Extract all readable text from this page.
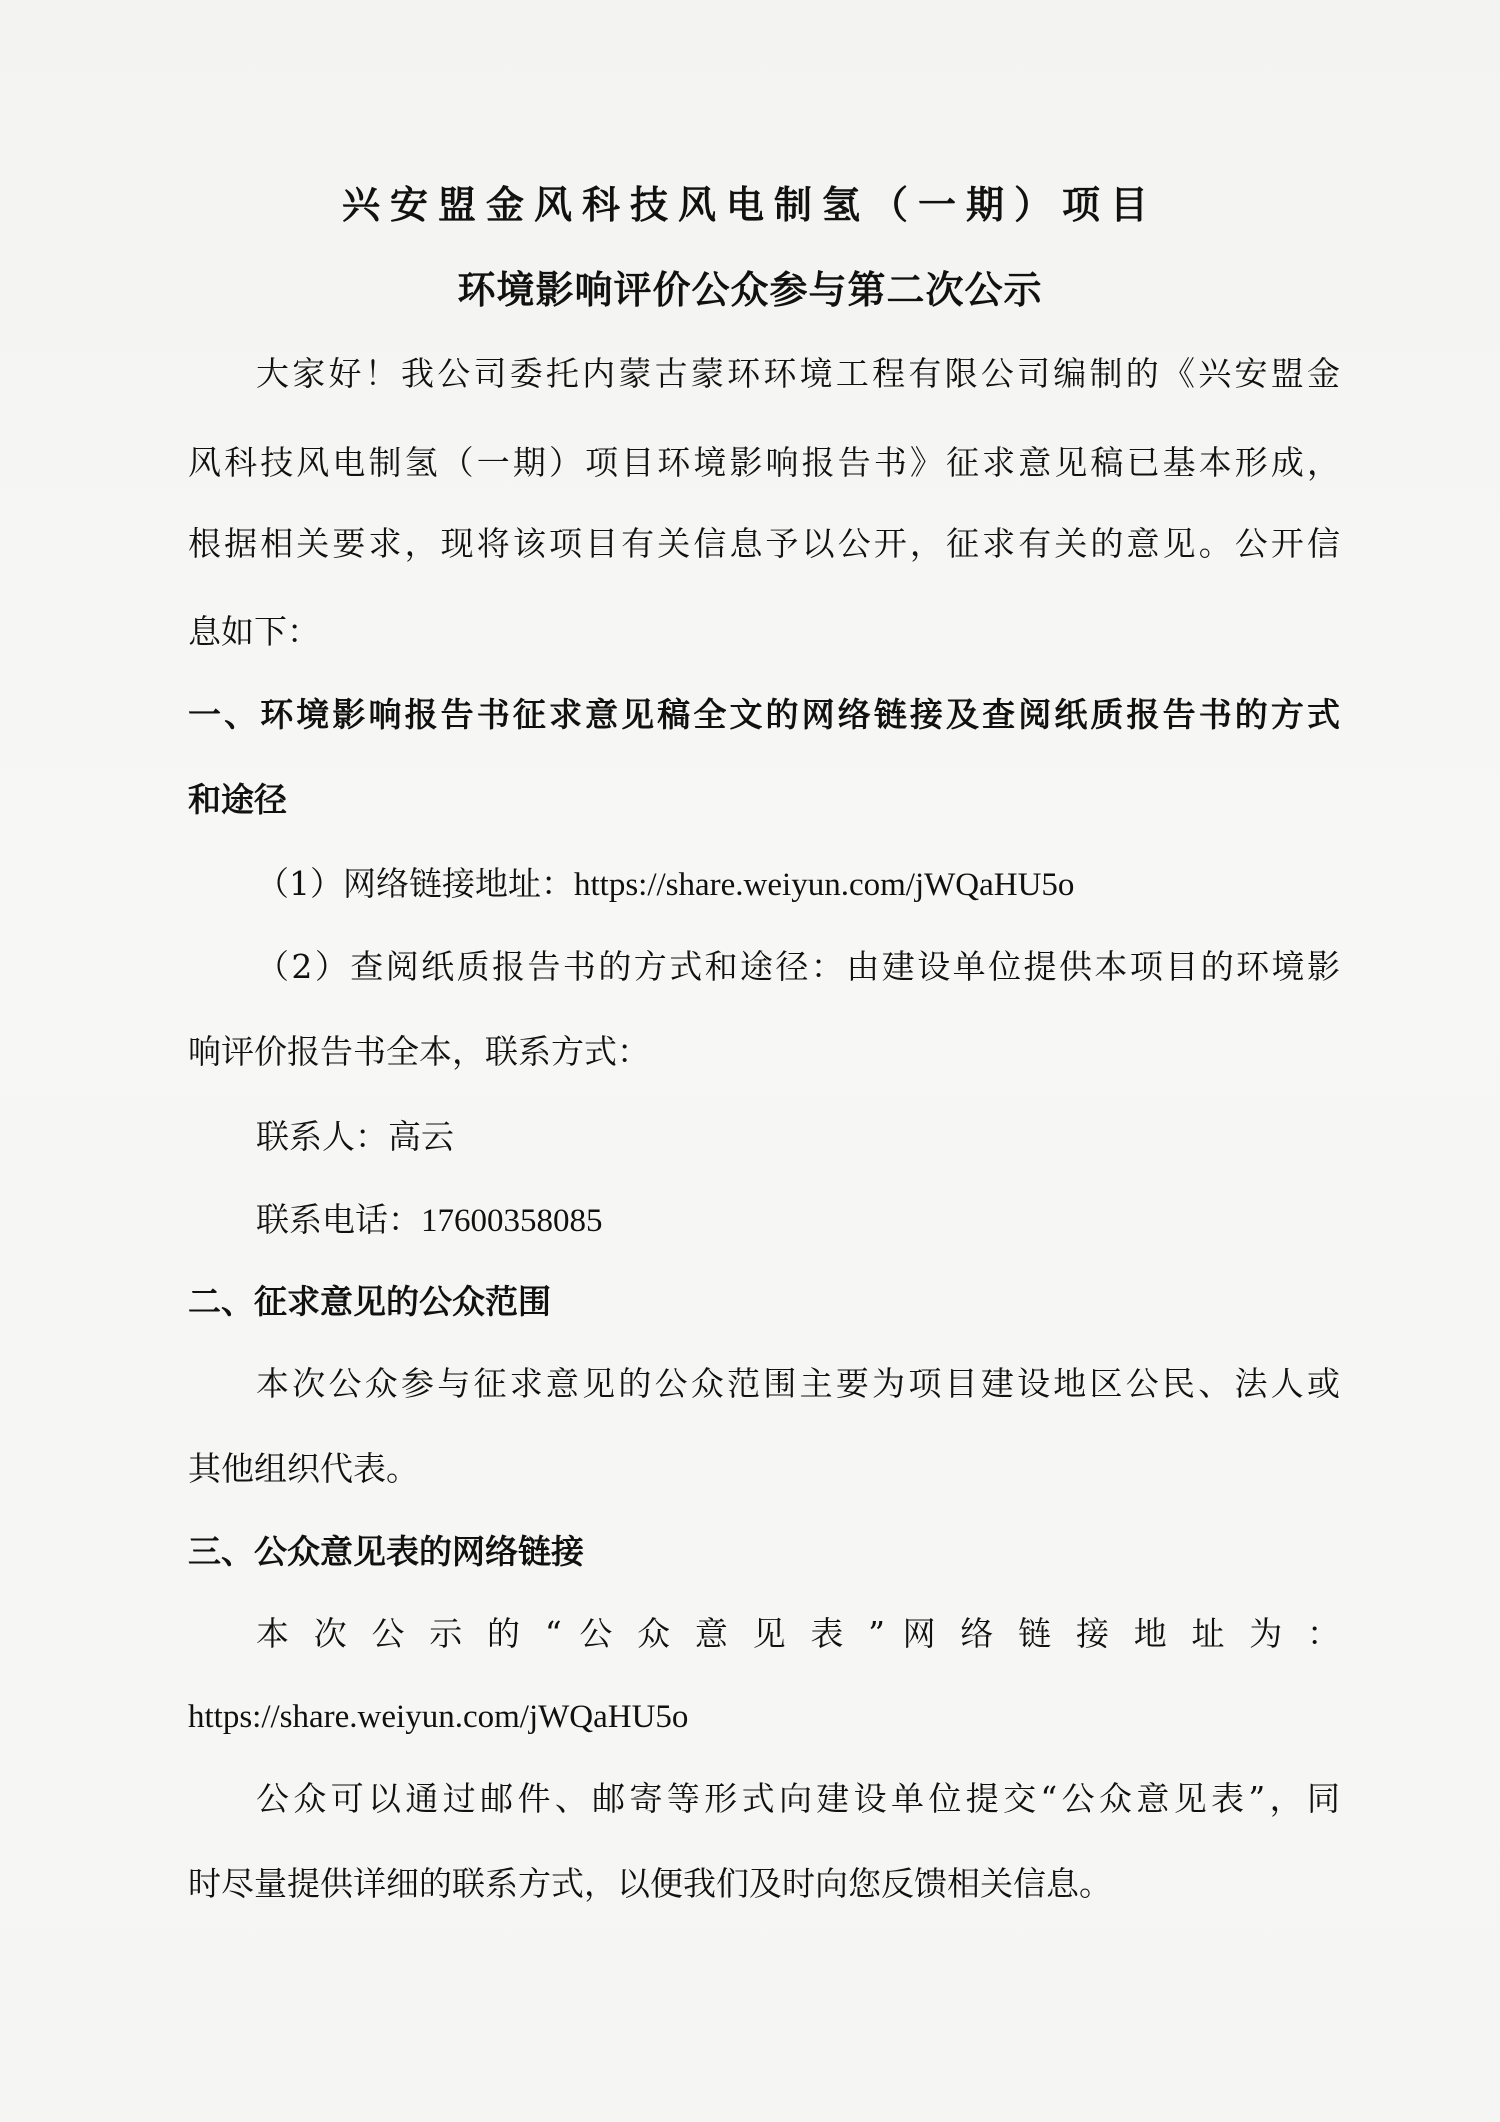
兴安盟金风科技风电制氢（一期）项目
环境影响评价公众参与第二次公示
大家好！我公司委托内蒙古蒙环环境工程有限公司编制的《兴安盟金
风科技风电制氢（一期）项目环境影响报告书》征求意见稿已基本形成，
根据相关要求，现将该项目有关信息予以公开，征求有关的意见。公开信
息如下：
一、环境影响报告书征求意见稿全文的网络链接及查阅纸质报告书的方式
和途径
（1）网络链接地址：https://share.weiyun.com/jWQaHU5o
（2）查阅纸质报告书的方式和途径：由建设单位提供本项目的环境影
响评价报告书全本，联系方式：
联系人：高云
联系电话：17600358085
二、征求意见的公众范围
本次公众参与征求意见的公众范围主要为项目建设地区公民、法人或
其他组织代表。
三、公众意见表的网络链接
本 次 公 示 的 “ 公 众 意 见 表 ” 网 络 链 接 地 址 为 ：
https://share.weiyun.com/jWQaHU5o
公众可以通过邮件、邮寄等形式向建设单位提交“公众意见表”，同
时尽量提供详细的联系方式，以便我们及时向您反馈相关信息。
